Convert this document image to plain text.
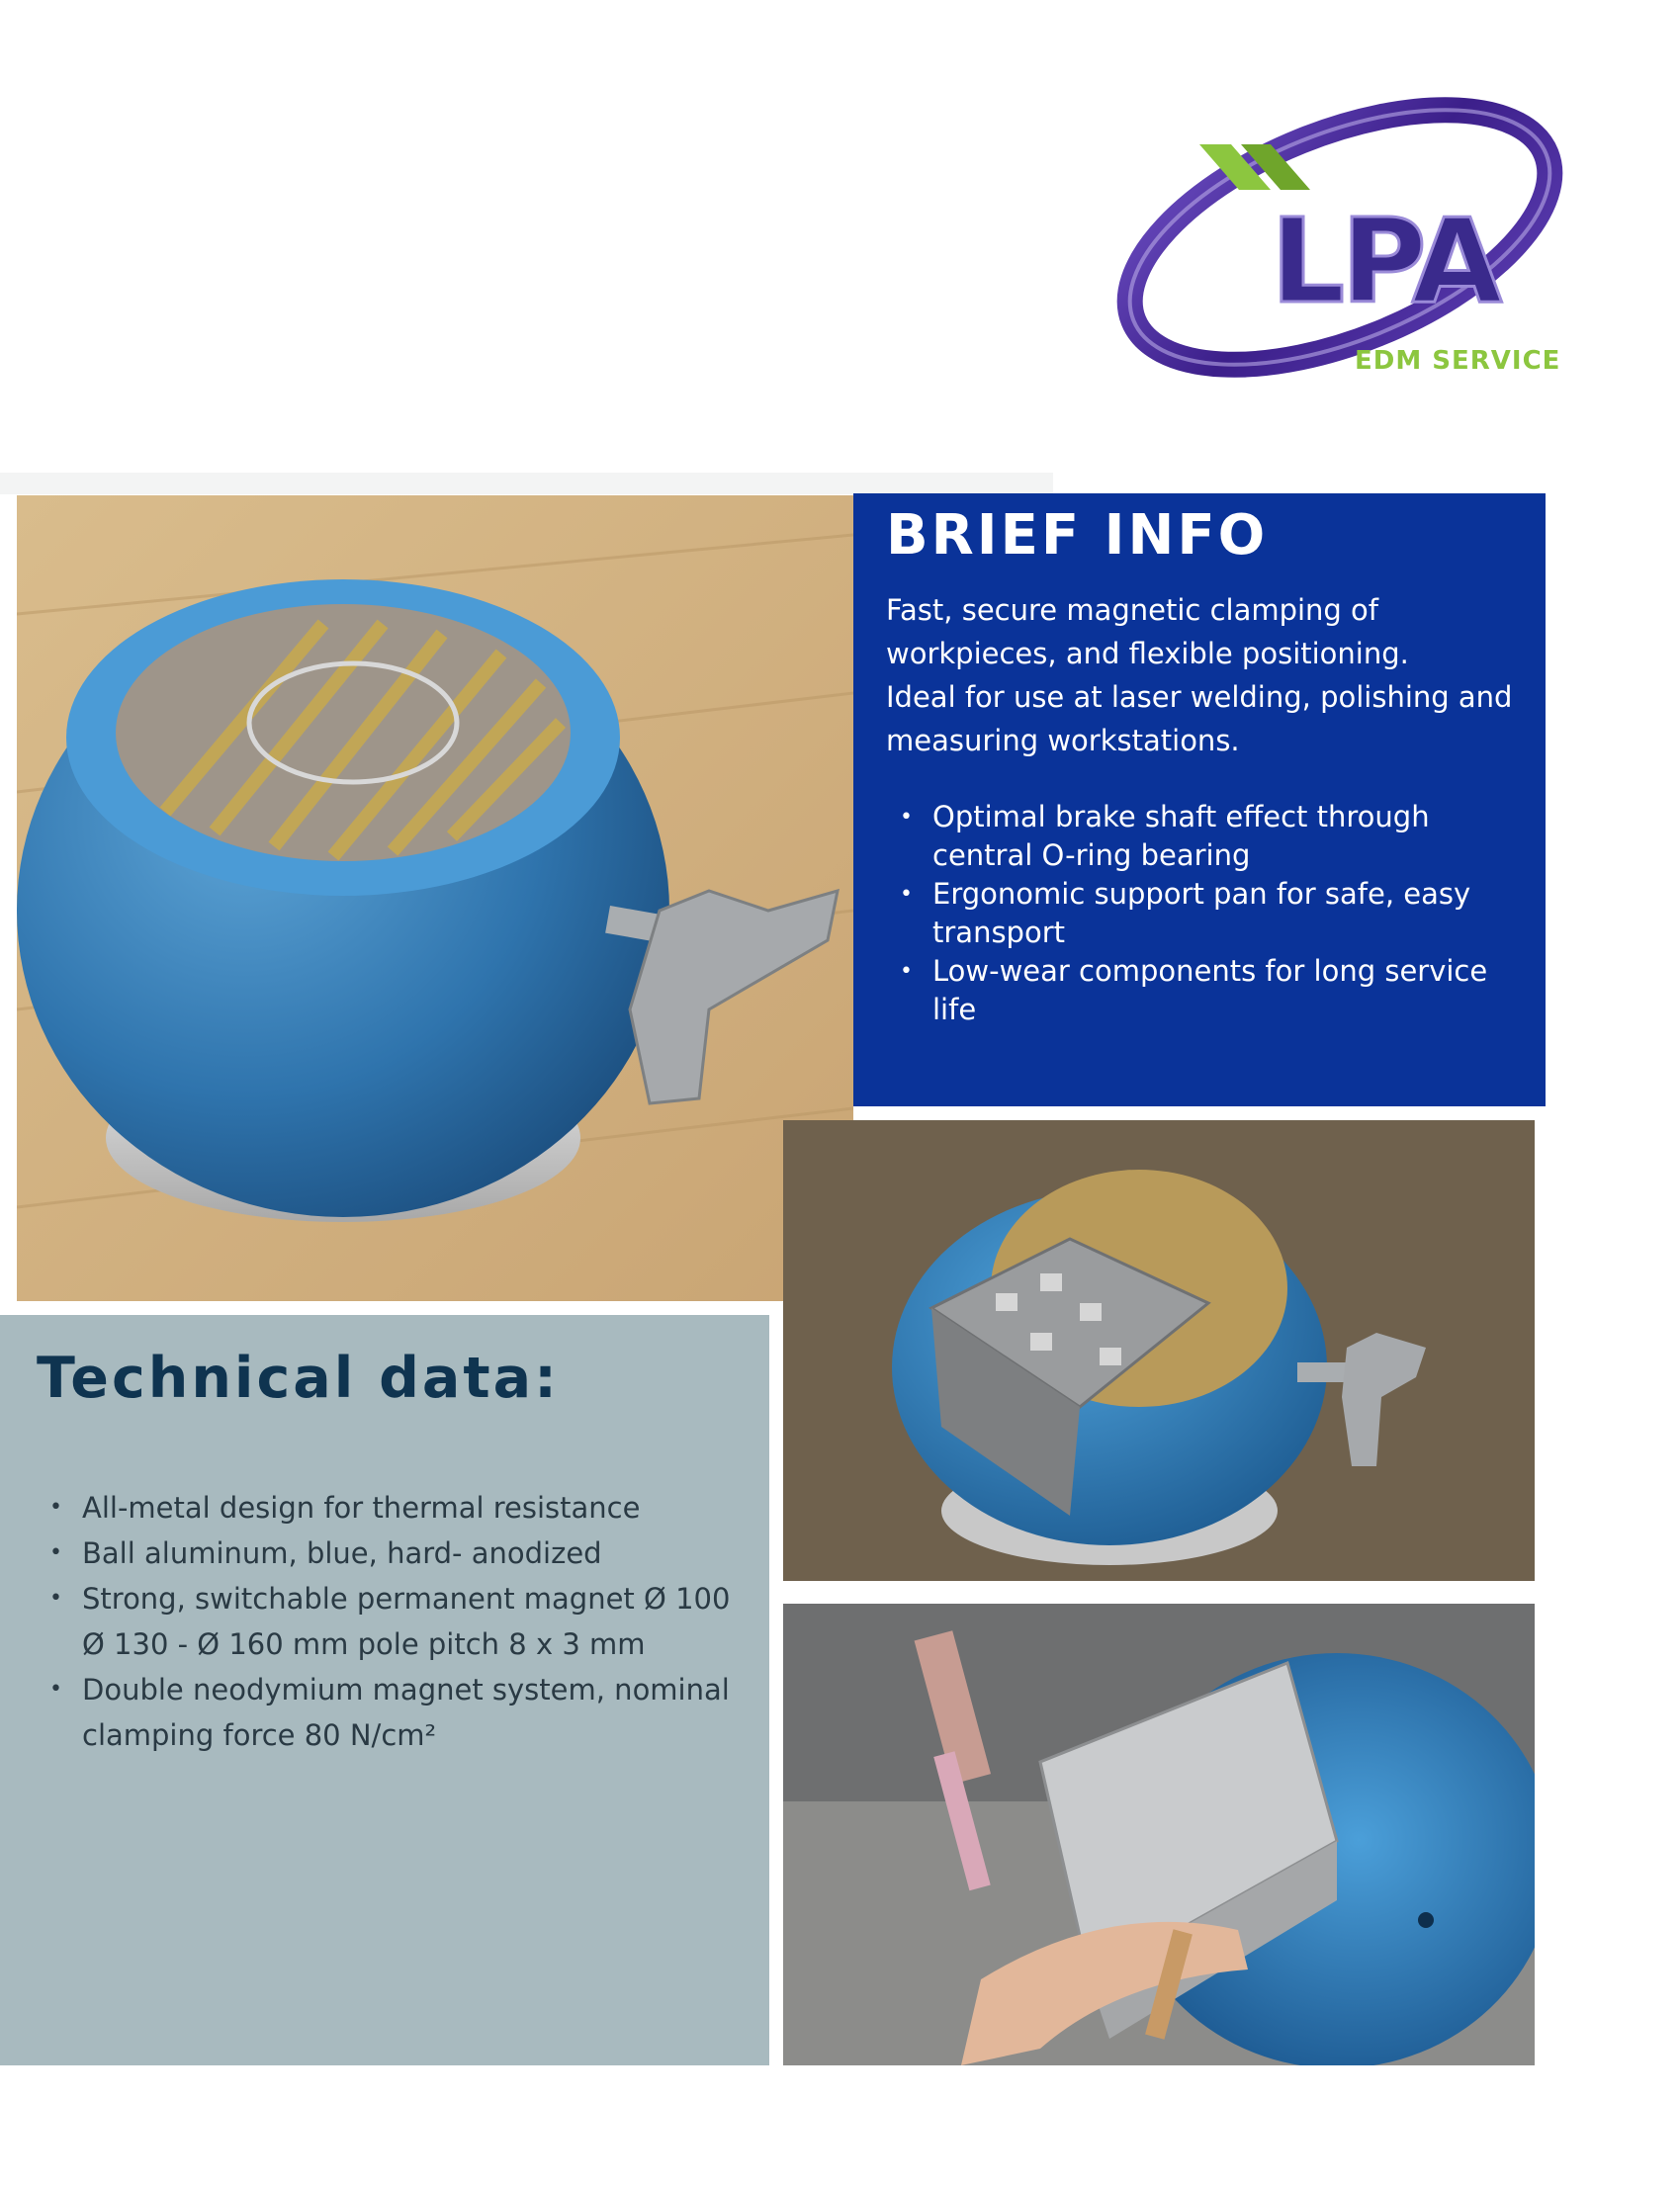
LPA
EDM SERVICE
BRIEF INFO

Fast, secure magnetic clamping of
workpieces, and flexible positioning.
Ideal for use at laser welding, polishing and
measuring workstations.

• Optimal brake shaft effect through central O-ring bearing
• Ergonomic support pan for safe, easy transport
• Low-wear components for long service life
Technical data:
• All-metal design for thermal resistance
• Ball aluminum, blue, hard- anodized
• Strong, switchable permanent magnet Ø 100 Ø 130 - Ø 160 mm pole pitch 8 x 3 mm
• Double neodymium magnet system, nominal clamping force 80 N/cm²
